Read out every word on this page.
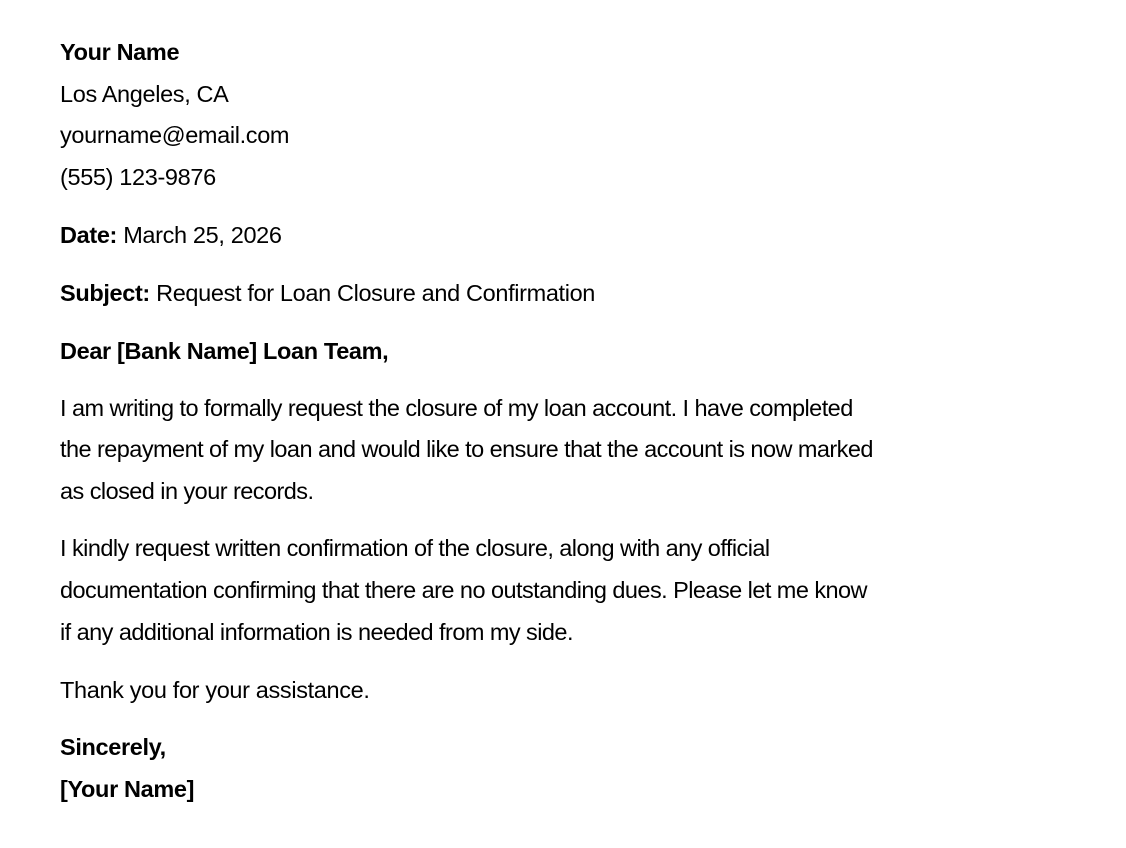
Your Name
Los Angeles, CA
yourname@email.com
(555) 123-9876
Date: March 25, 2026
Subject: Request for Loan Closure and Confirmation
Dear [Bank Name] Loan Team,
I am writing to formally request the closure of my loan account. I have completed
the repayment of my loan and would like to ensure that the account is now marked
as closed in your records.
I kindly request written confirmation of the closure, along with any official
documentation confirming that there are no outstanding dues. Please let me know
if any additional information is needed from my side.
Thank you for your assistance.
Sincerely,
[Your Name]
